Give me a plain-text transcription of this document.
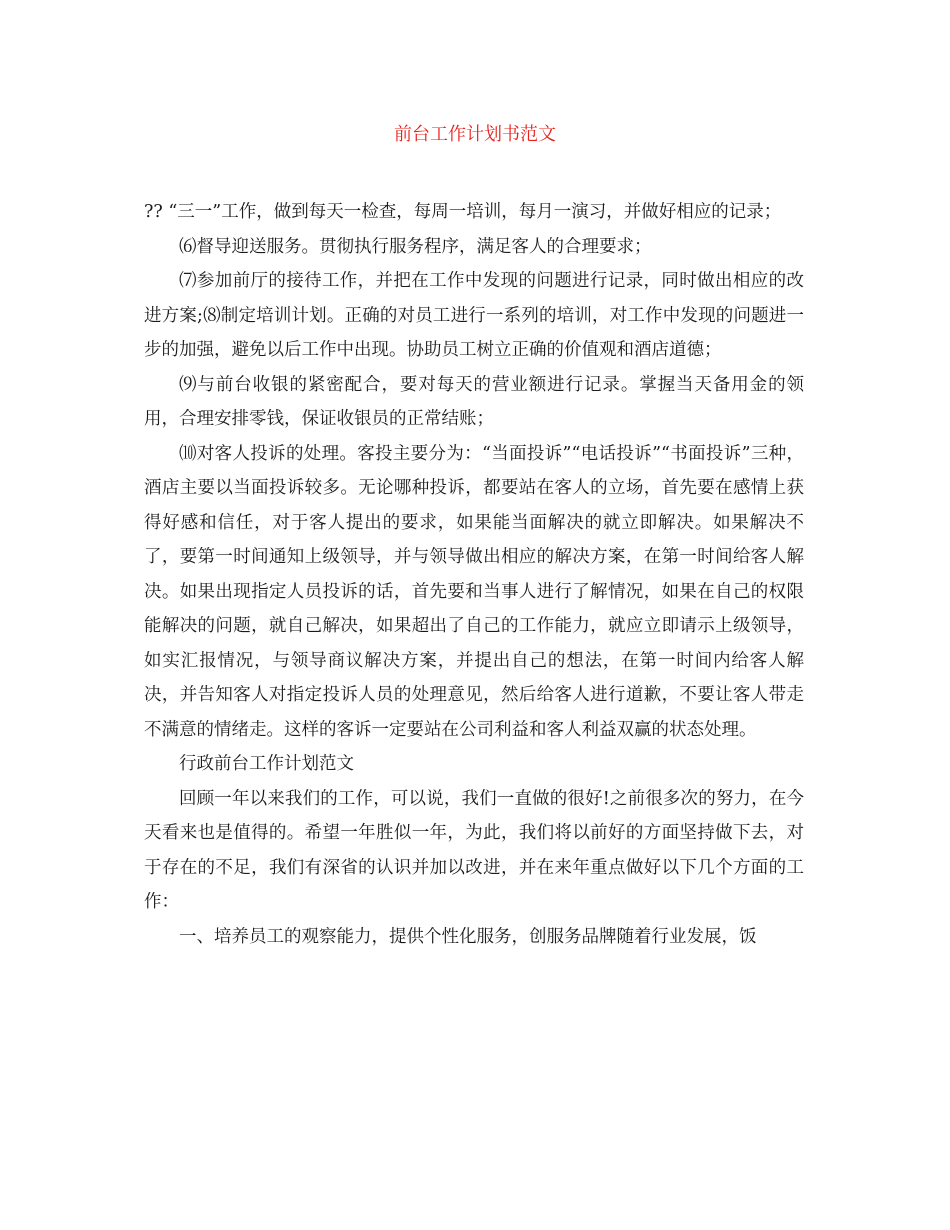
前台工作计划书范文

?? “三一”工作，做到每天一检查，每周一培训，每月一演习，并做好相应的记录；

⑹督导迎送服务。贯彻执行服务程序，满足客人的合理要求；

⑺参加前厅的接待工作，并把在工作中发现的问题进行记录，同时做出相应的改进方案;⑻制定培训计划。正确的对员工进行一系列的培训，对工作中发现的问题进一步的加强，避免以后工作中出现。协助员工树立正确的价值观和酒店道德；

⑼与前台收银的紧密配合，要对每天的营业额进行记录。掌握当天备用金的领用，合理安排零钱，保证收银员的正常结账；

⑽对客人投诉的处理。客投主要分为：“当面投诉”“电话投诉”“书面投诉”三种，酒店主要以当面投诉较多。无论哪种投诉，都要站在客人的立场，首先要在感情上获得好感和信任，对于客人提出的要求，如果能当面解决的就立即解决。如果解决不了，要第一时间通知上级领导，并与领导做出相应的解决方案，在第一时间给客人解决。如果出现指定人员投诉的话，首先要和当事人进行了解情况，如果在自己的权限能解决的问题，就自己解决，如果超出了自己的工作能力，就应立即请示上级领导，如实汇报情况，与领导商议解决方案，并提出自己的想法，在第一时间内给客人解决，并告知客人对指定投诉人员的处理意见，然后给客人进行道歉，不要让客人带走不满意的情绪走。这样的客诉一定要站在公司利益和客人利益双赢的状态处理。

行政前台工作计划范文

回顾一年以来我们的工作，可以说，我们一直做的很好!之前很多次的努力，在今天看来也是值得的。希望一年胜似一年，为此，我们将以前好的方面坚持做下去，对于存在的不足，我们有深省的认识并加以改进，并在来年重点做好以下几个方面的工作：

一、培养员工的观察能力，提供个性化服务，创服务品牌随着行业发展，饭
